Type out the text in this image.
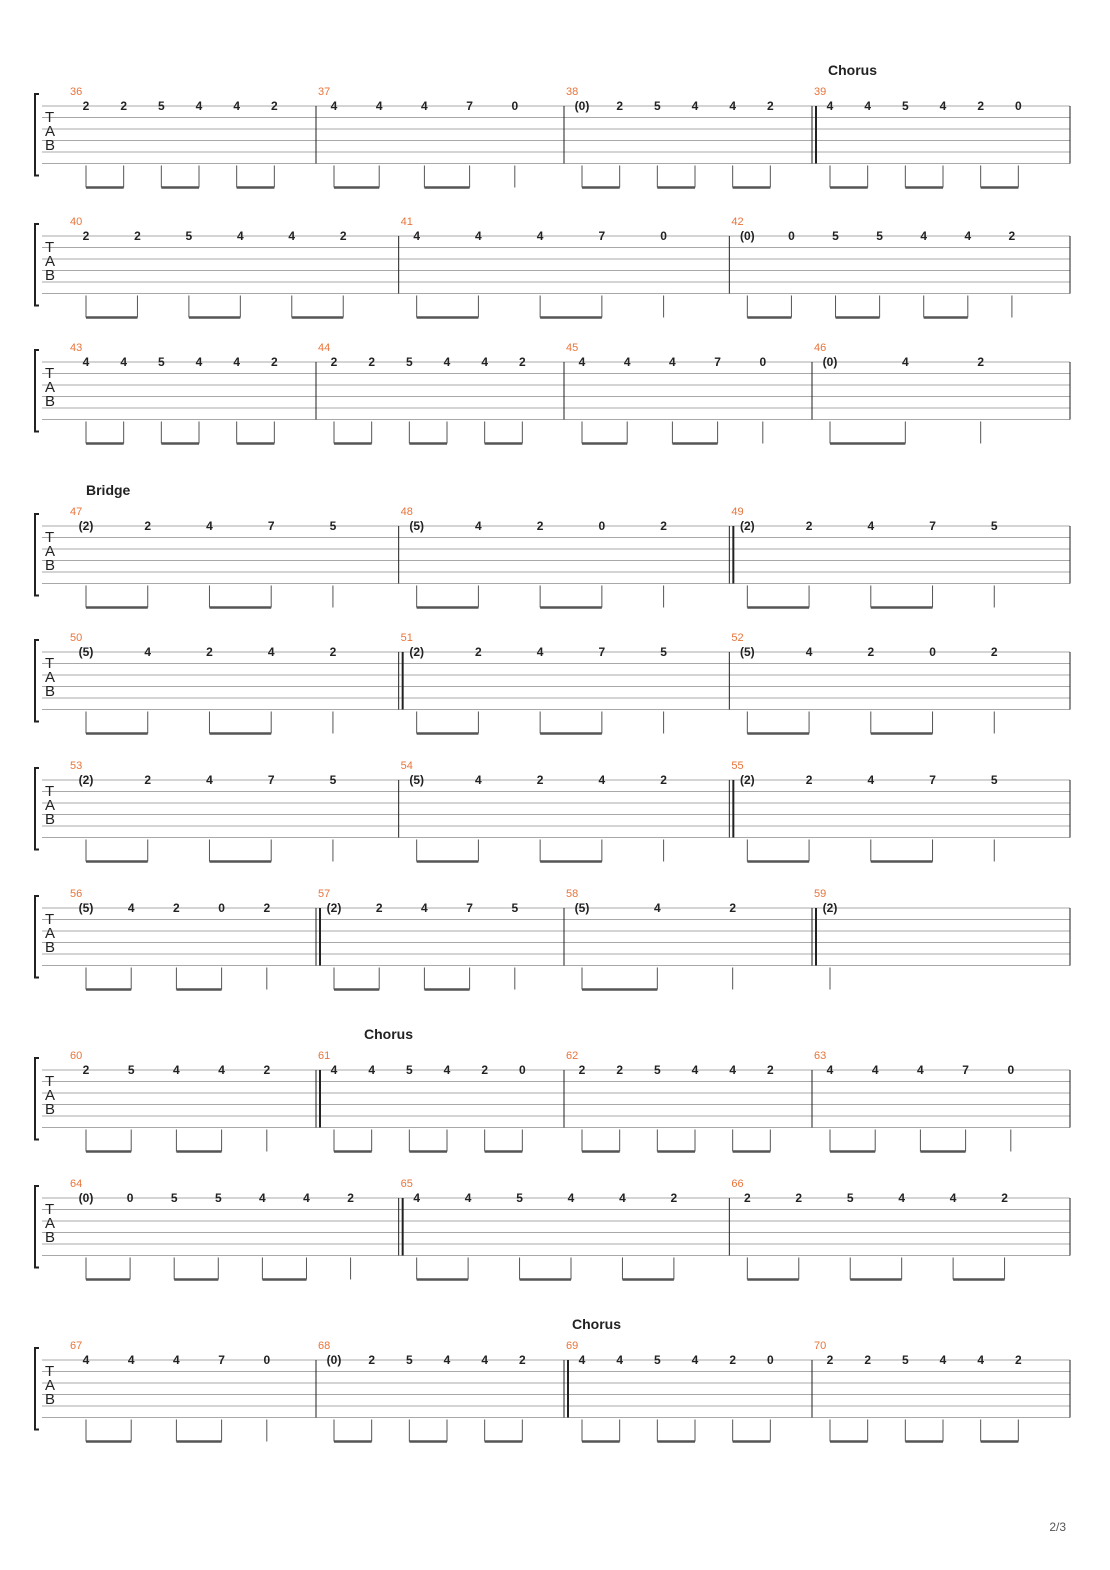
Chorus
T
A
B
36
2	2	5	4	4	2
37
4	4	4	7	0
38
(0) 2	5	4	4	2
39
4	4	5	4	2	0
T
A
B
40
2	2	5	4	4	2
41
4	4	4	7	0
42
(0)	0	5	5	4	4	2
T
A
B
43
4	4	5	4	4	2
44
2	2	5	4	4	2
45
4	4	4	7	0
46
(0)	4	2
Bridge
T
A
B
47
(2)	2	4	7	5
48
(5)	4	2	0	2
49
(2)	2	4	7	5
T
A
B
50
(5)	4	2	4	2
51
(2)	2	4	7	5
52
(5)	4	2	0	2
T
A
B
53
(2)	2	4	7	5
54
(5)	4	2	4	2
55
(2)	2	4	7	5
T
A
B
56
(5)	4	2	0	2
57
(2)	2	4	7	5
58
(5)	4	2
59
(2)
Chorus
T
A
B
60
2	5	4	4	2
61
4	4	5	4	2	0
62
2	2	5	4	4	2
63
4	4	4	7	0
T
A
B
64
(0)	0	5	5	4	4	2
65
4	4	5	4	4	2
66
2	2	5	4	4	2
Chorus
T
A
B
67
4	4	4	7	0
68
(0) 2	5	4	4	2
69
4	4	5	4	2	0
70
2	2	5	4	4	2
2/3
